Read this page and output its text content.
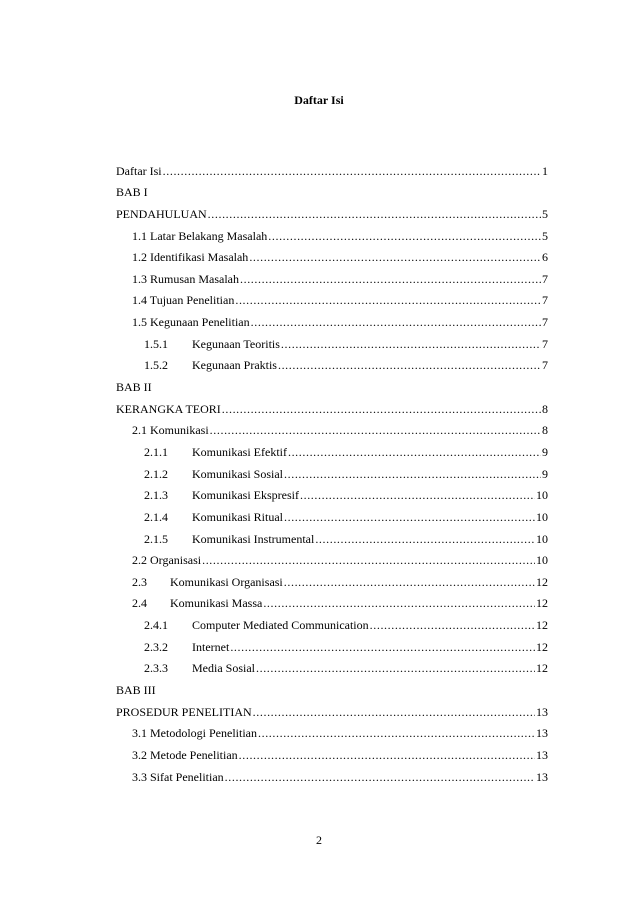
Daftar Isi
Daftar Isi .....	1
BAB I
PENDAHULUAN .....	5
1.1 Latar Belakang Masalah .....	5
1.2 Identifikasi Masalah .....	6
1.3 Rumusan Masalah .....	7
1.4 Tujuan Penelitian .....	7
1.5 Kegunaan Penelitian .....	7
1.5.1	Kegunaan Teoritis .....	7
1.5.2	Kegunaan Praktis .....	7
BAB II
KERANGKA TEORI .....	8
2.1 Komunikasi .....	8
2.1.1	Komunikasi Efektif .....	9
2.1.2	Komunikasi Sosial .....	9
2.1.3	Komunikasi Ekspresif .....	10
2.1.4	Komunikasi Ritual .....	10
2.1.5	Komunikasi Instrumental .....	10
2.2 Organisasi .....	10
2.3	Komunikasi Organisasi .....	12
2.4	Komunikasi Massa .....	12
2.4.1	Computer Mediated Communication .....	12
2.3.2	Internet .....	12
2.3.3	Media Sosial .....	12
BAB III
PROSEDUR PENELITIAN .....	13
3.1 Metodologi Penelitian .....	13
3.2 Metode Penelitian .....	13
3.3 Sifat Penelitian .....	13
2
